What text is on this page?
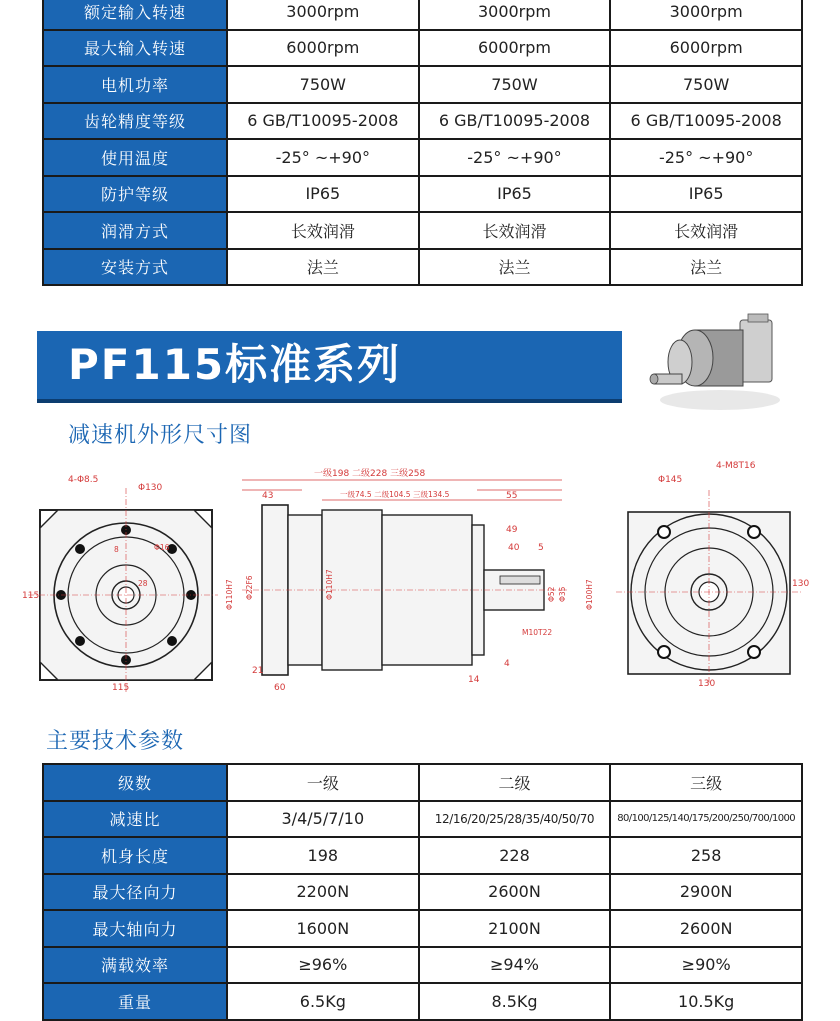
额定输入转速	3000rpm	3000rpm	3000rpm
最大输入转速	6000rpm	6000rpm	6000rpm
电机功率	750W	750W	750W
齿轮精度等级	6 GB/T10095-2008	6 GB/T10095-2008	6 GB/T10095-2008
使用温度	-25° ~+90°	-25° ~+90°	-25° ~+90°
防护等级	IP65	IP65	IP65
润滑方式	长效润滑	长效润滑	长效润滑
安装方式	法兰	法兰	法兰
PF115标准系列
减速机外形尺寸图
4-Φ8.5
Φ130
8
28
Φ16
115
115
一级198 二级228 三级258
一级74.5 二级104.5 三级134.5
43	55
49
40 5
Φ110H7 Φ22F6	Φ100H7
Φ35
Φ52
M10T22
Φ110H7
21
60
14
4
Φ145
4-M8T16
130
130
主要技术参数
级数	一级	二级	三级
减速比	3/4/5/7/10	12/16/20/25/28/35/40/50/70	80/100/125/140/175/200/250/700/1000
机身长度	198	228	258
最大径向力	2200N	2600N	2900N
最大轴向力	1600N	2100N	2600N
满载效率	≥96%	≥94%	≥90%
重量	6.5Kg	8.5Kg	10.5Kg
